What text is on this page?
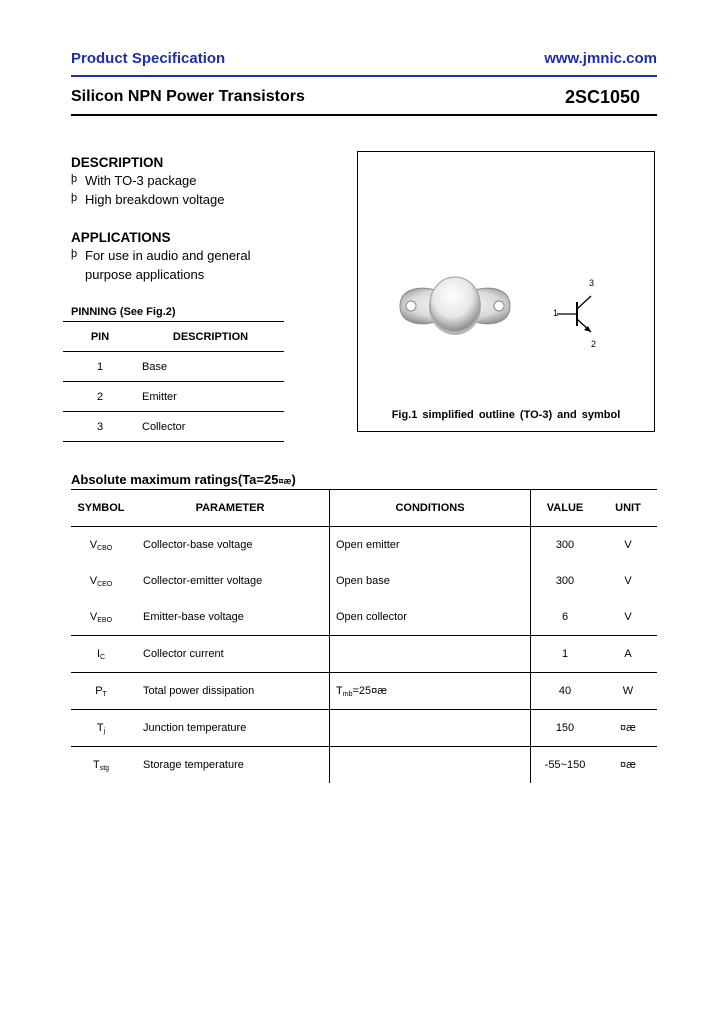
Product Specification	www.jmnic.com
Silicon NPN Power Transistors	2SC1050
DESCRIPTION
þ With TO-3 package
þ High breakdown voltage
APPLICATIONS
þ For use in audio and general
purpose applications
PINNING (See Fig.2)
PIN	DESCRIPTION
1	Base
2	Emitter
3	Collector
1
2
3
Fig.1 simplified outline (TO-3) and symbol
Absolute maximum ratings(Ta=25¤æ)
SYMBOL	PARAMETER	CONDITIONS	VALUE	UNIT
$V_{CBO}$	Collector-base voltage	Open emitter	300	V
$V_{CEO}$	Collector-emitter voltage	Open base	300	V
$V_{EBO}$	Emitter-base voltage	Open collector	6	V
$I_C$	Collector current		1	A
$P_T$	Total power dissipation	$T_{mb}=25¤æ$	40	W
$T_j$	Junction temperature		150	¤æ
$T_{stg}$	Storage temperature		-55~150	¤æ
